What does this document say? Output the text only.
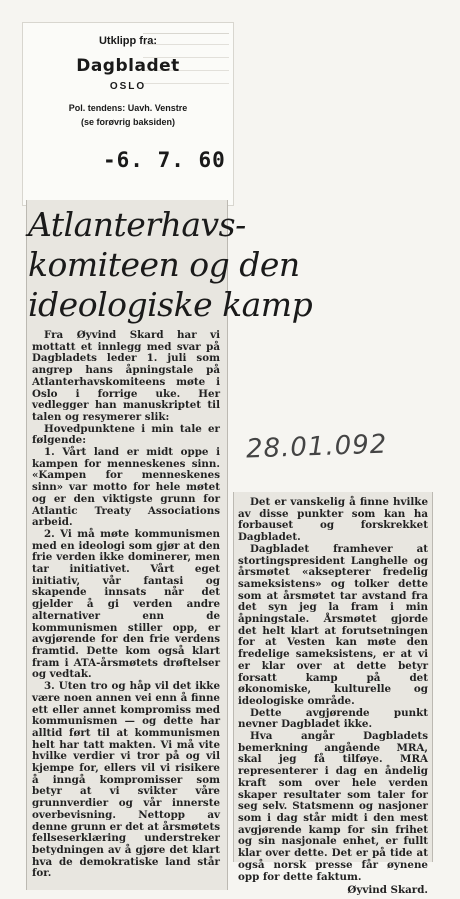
Utklipp fra:
Dagbladet
OSLO
Pol. tendens: Uavh. Venstre
(se forøvrig baksiden)
-6. 7. 60
28.01.092
Atlanterhavs-
komiteen og den
ideologiske kamp

Fra Øyvind Skard har vi mottatt et innlegg med svar på Dagbladets leder 1. juli som angrep hans åpningstale på Atlanterhavskomiteens møte i Oslo i forrige uke. Her vedlegger han manuskriptet til talen og resymerer slik:

Hovedpunktene i min tale er følgende:

1. Vårt land er midt oppe i kampen for menneskenes sinn. «Kampen for menneskenes sinn» var motto for hele møtet og er den viktigste grunn for Atlantic Treaty Associations arbeid.

2. Vi må møte kommunismen med en ideologi som gjør at den frie verden ikke dominerer, men tar initiativet. Vårt eget initiativ, vår fantasi og skapende innsats når det gjelder å gi verden andre alternativer enn de kommunismen stiller opp, er avgjørende for den frie verdens framtid. Dette kom også klart fram i ATA-årsmøtets drøftelser og vedtak.

3. Uten tro og håp vil det ikke være noen annen vei enn å finne ett eller annet kompromiss med kommunismen — og dette har alltid ført til at kommunismen helt har tatt makten. Vi må vite hvilke verdier vi tror på og vil kjempe for, ellers vil vi risikere å inngå kompromisser som betyr at vi svikter våre grunnverdier og vår innerste overbevisning. Nettopp av denne grunn er det at årsmøtets fellseserklæring understreker betydningen av å gjøre det klart hva de demokratiske land står for.

Det er vanskelig å finne hvilke av disse punkter som kan ha forbauset og forskrekket Dagbladet.

Dagbladet framhever at stortingspresident Langhelle og årsmøtet «aksepterer fredelig sameksistens» og tolker dette som at årsmøtet tar avstand fra det syn jeg la fram i min åpningstale. Årsmøtet gjorde det helt klart at forutsetningen for at Vesten kan møte den fredelige sameksistens, er at vi er klar over at dette betyr forsatt kamp på det økonomiske, kulturelle og ideologiske område.

Dette avgjørende punkt nevner Dagbladet ikke.

Hva angår Dagbladets bemerkning angående MRA, skal jeg få tilføye. MRA representerer i dag en åndelig kraft som over hele verden skaper resultater som taler for seg selv. Statsmenn og nasjoner som i dag står midt i den mest avgjørende kamp for sin frihet og sin nasjonale enhet, er fullt klar over dette. Det er på tide at også norsk presse får øynene opp for dette faktum.

Øyvind Skard.
